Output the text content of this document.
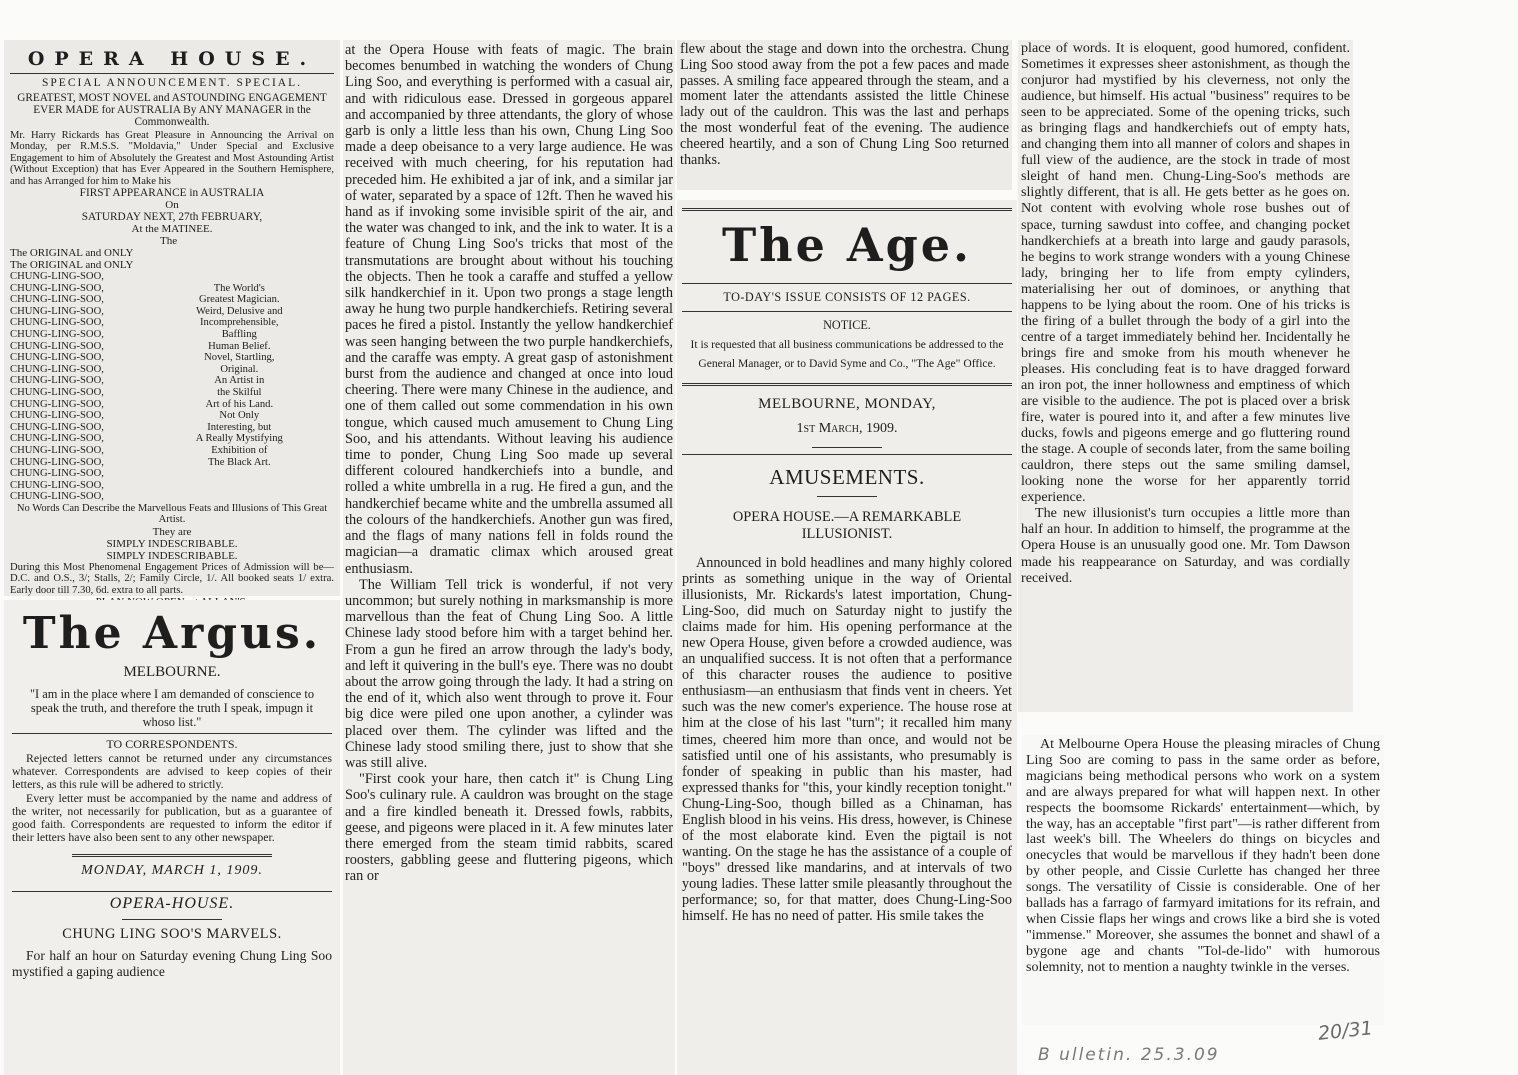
OPERA HOUSE.
SPECIAL ANNOUNCEMENT. SPECIAL.
GREATEST, MOST NOVEL and ASTOUNDING ENGAGEMENT EVER MADE for AUSTRALIA By ANY MANAGER in the Commonwealth.
Mr. Harry Rickards has Great Pleasure in Announcing the Arrival on Monday, per R.M.S.S. "Moldavia," Under Special and Exclusive Engagement to him of Absolutely the Greatest and Most Astounding Artist (Without Exception) that has Ever Appeared in the Southern Hemisphere, and has Arranged for him to Make his
FIRST APPEARANCE in AUSTRALIA
On
SATURDAY NEXT, 27th FEBRUARY,
At the MATINEE.
The
The ORIGINAL and ONLY
The ORIGINAL and ONLY
CHUNG-LING-SOO,
CHUNG-LING-SOO,
CHUNG-LING-SOO,
CHUNG-LING-SOO,
CHUNG-LING-SOO,
CHUNG-LING-SOO,
CHUNG-LING-SOO,
CHUNG-LING-SOO,
CHUNG-LING-SOO,
CHUNG-LING-SOO,
CHUNG-LING-SOO,
CHUNG-LING-SOO,
CHUNG-LING-SOO,
CHUNG-LING-SOO,
CHUNG-LING-SOO,
CHUNG-LING-SOO,
CHUNG-LING-SOO,
CHUNG-LING-SOO,
CHUNG-LING-SOO,
CHUNG-LING-SOO,

The World's
Greatest Magician.
Weird, Delusive and
Incomprehensible,
Baffling
Human Belief.
Novel, Startling,
Original.
An Artist in
the Skilful
Art of his Land.
Not Only
Interesting, but
A Really Mystifying
Exhibition of
The Black Art.
No Words Can Describe the Marvellous Feats and Illusions of This Great Artist.
They are
SIMPLY INDESCRIBABLE.
SIMPLY INDESCRIBABLE.
During this Most Phenomenal Engagement Prices of Admission will be—D.C. and O.S., 3/; Stalls, 2/; Family Circle, 1/. All booked seats 1/ extra. Early door till 7.30, 6d. extra to all parts.
The Argus.
MELBOURNE.
"I am in the place where I am demanded of conscience to speak the truth, and therefore the truth I speak, impugn it whoso list."
TO CORRESPONDENTS.

Rejected letters cannot be returned under any circumstances whatever. Correspondents are advised to keep copies of their letters, as this rule will be adhered to strictly.

Every letter must be accompanied by the name and address of the writer, not necessarily for publication, but as a guarantee of good faith. Correspondents are requested to inform the editor if their letters have also been sent to any other newspaper.

MONDAY, MARCH 1, 1909.
OPERA-HOUSE.
CHUNG LING SOO'S MARVELS.

For half an hour on Saturday evening Chung Ling Soo mystified a gaping audience

at the Opera House with feats of magic. The brain becomes benumbed in watching the wonders of Chung Ling Soo, and everything is performed with a casual air, and with ridiculous ease. Dressed in gorgeous apparel and accompanied by three attendants, the glory of whose garb is only a little less than his own, Chung Ling Soo made a deep obeisance to a very large audience. He was received with much cheering, for his reputation had preceded him. He exhibited a jar of ink, and a similar jar of water, separated by a space of 12ft. Then he waved his hand as if invoking some invisible spirit of the air, and the water was changed to ink, and the ink to water. It is a feature of Chung Ling Soo's tricks that most of the transmutations are brought about without his touching the objects. Then he took a caraffe and stuffed a yellow silk handkerchief in it. Upon two prongs a stage length away he hung two purple handkerchiefs. Retiring several paces he fired a pistol. Instantly the yellow handkerchief was seen hanging between the two purple handkerchiefs, and the caraffe was empty. A great gasp of astonishment burst from the audience and changed at once into loud cheering. There were many Chinese in the audience, and one of them called out some commendation in his own tongue, which caused much amusement to Chung Ling Soo, and his attendants. Without leaving his audience time to ponder, Chung Ling Soo made up several different coloured handkerchiefs into a bundle, and rolled a white umbrella in a rug. He fired a gun, and the handkerchief became white and the umbrella assumed all the colours of the handkerchiefs. Another gun was fired, and the flags of many nations fell in folds round the magician—a dramatic climax which aroused great enthusiasm.

The William Tell trick is wonderful, if not very uncommon; but surely nothing in marksmanship is more marvellous than the feat of Chung Ling Soo. A little Chinese lady stood before him with a target behind her. From a gun he fired an arrow through the lady's body, and left it quivering in the bull's eye. There was no doubt about the arrow going through the lady. It had a string on the end of it, which also went through to prove it. Four big dice were piled one upon another, a cylinder was placed over them. The cylinder was lifted and the Chinese lady stood smiling there, just to show that she was still alive.

"First cook your hare, then catch it" is Chung Ling Soo's culinary rule. A cauldron was brought on the stage and a fire kindled beneath it. Dressed fowls, rabbits, geese, and pigeons were placed in it. A few minutes later there emerged from the steam timid rabbits, scared roosters, gabbling geese and fluttering pigeons, which ran or

flew about the stage and down into the orchestra. Chung Ling Soo stood away from the pot a few paces and made passes. A smiling face appeared through the steam, and a moment later the attendants assisted the little Chinese lady out of the cauldron. This was the last and perhaps the most wonderful feat of the evening. The audience cheered heartily, and a son of Chung Ling Soo returned thanks.

The Age.
TO-DAY'S ISSUE CONSISTS OF 12 PAGES.
NOTICE.
It is requested that all business communications be addressed to the General Manager, or to David Syme and Co., "The Age" Office.
MELBOURNE, MONDAY,
1st March, 1909.
AMUSEMENTS.
OPERA HOUSE.—A REMARKABLE ILLUSIONIST.

Announced in bold headlines and many highly colored prints as something unique in the way of Oriental illusionists, Mr. Rickards's latest importation, Chung-Ling-Soo, did much on Saturday night to justify the claims made for him. His opening performance at the new Opera House, given before a crowded audience, was an unqualified success. It is not often that a performance of this character rouses the audience to positive enthusiasm—an enthusiasm that finds vent in cheers. Yet such was the new comer's experience. The house rose at him at the close of his last "turn"; it recalled him many times, cheered him more than once, and would not be satisfied until one of his assistants, who presumably is fonder of speaking in public than his master, had expressed thanks for "this, your kindly reception tonight." Chung-Ling-Soo, though billed as a Chinaman, has English blood in his veins. His dress, however, is Chinese of the most elaborate kind. Even the pigtail is not wanting. On the stage he has the assistance of a couple of "boys" dressed like mandarins, and at intervals of two young ladies. These latter smile pleasantly throughout the performance; so, for that matter, does Chung-Ling-Soo himself. He has no need of patter. His smile takes the

place of words. It is eloquent, good humored, confident. Sometimes it expresses sheer astonishment, as though the conjuror had mystified by his cleverness, not only the audience, but himself. His actual "business" requires to be seen to be appreciated. Some of the opening tricks, such as bringing flags and handkerchiefs out of empty hats, and changing them into all manner of colors and shapes in full view of the audience, are the stock in trade of most sleight of hand men. Chung-Ling-Soo's methods are slightly different, that is all. He gets better as he goes on. Not content with evolving whole rose bushes out of space, turning sawdust into coffee, and changing pocket handkerchiefs at a breath into large and gaudy parasols, he begins to work strange wonders with a young Chinese lady, bringing her to life from empty cylinders, materialising her out of dominoes, or anything that happens to be lying about the room. One of his tricks is the firing of a bullet through the body of a girl into the centre of a target immediately behind her. Incidentally he brings fire and smoke from his mouth whenever he pleases. His concluding feat is to have dragged forward an iron pot, the inner hollowness and emptiness of which are visible to the audience. The pot is placed over a brisk fire, water is poured into it, and after a few minutes live ducks, fowls and pigeons emerge and go fluttering round the stage. A couple of seconds later, from the same boiling cauldron, there steps out the same smiling damsel, looking none the worse for her apparently torrid experience.

The new illusionist's turn occupies a little more than half an hour. In addition to himself, the programme at the Opera House is an unusually good one. Mr. Tom Dawson made his reappearance on Saturday, and was cordially received.

At Melbourne Opera House the pleasing miracles of Chung Ling Soo are coming to pass in the same order as before, magicians being methodical persons who work on a system and are always prepared for what will happen next. In other respects the boomsome Rickards' entertainment—which, by the way, has an acceptable "first part"—is rather different from last week's bill. The Wheelers do things on bicycles and onecycles that would be marvellous if they hadn't been done by other people, and Cissie Curlette has changed her three songs. The versatility of Cissie is considerable. One of her ballads has a farrago of farmyard imitations for its refrain, and when Cissie flaps her wings and crows like a bird she is voted "immense." Moreover, she assumes the bonnet and shawl of a bygone age and chants "Tol-de-lido" with humorous solemnity, not to mention a naughty twinkle in the verses.

20/31
B ulletin. 25.3.09
